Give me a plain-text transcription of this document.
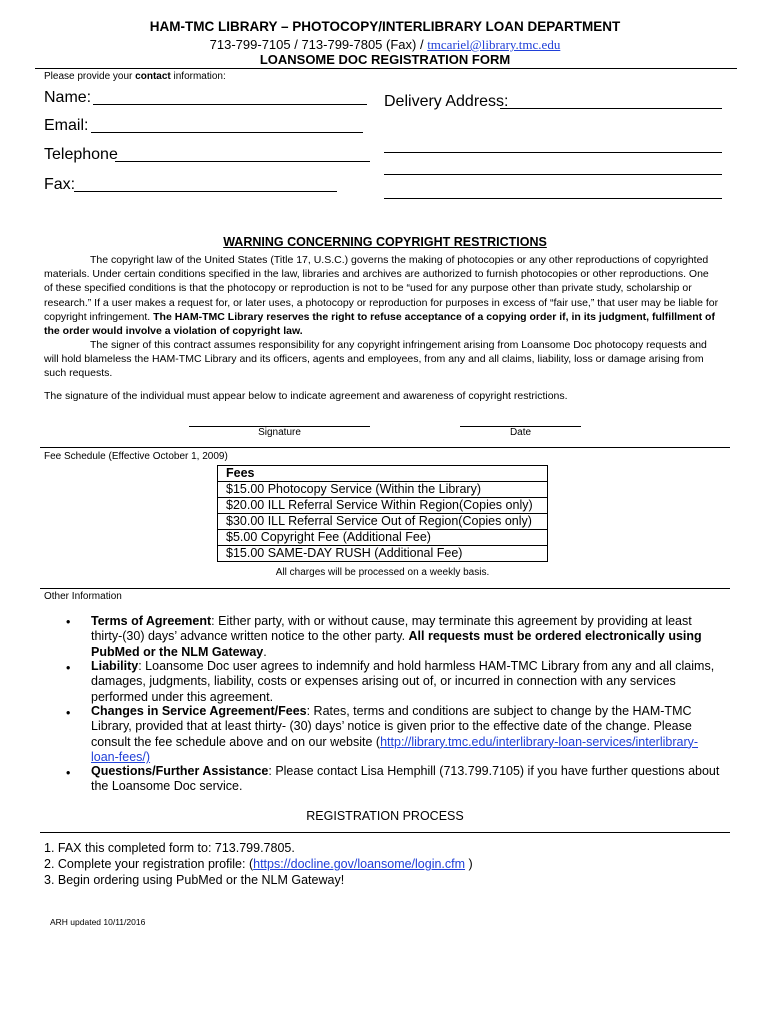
HAM-TMC LIBRARY – PHOTOCOPY/INTERLIBRARY LOAN DEPARTMENT
713-799-7105 / 713-799-7805 (Fax) / tmcariel@library.tmc.edu
LOANSOME DOC REGISTRATION FORM
Please provide your contact information:
Name:	Delivery Address:
Email:
Telephone
Fax:
WARNING CONCERNING COPYRIGHT RESTRICTIONS
The copyright law of the United States (Title 17, U.S.C.) governs the making of photocopies or any other reproductions of copyrighted materials. Under certain conditions specified in the law, libraries and archives are authorized to furnish photocopies or other reproductions. One of these specified conditions is that the photocopy or reproduction is not to be “used for any purpose other than private study, scholarship or research.” If a user makes a request for, or later uses, a photocopy or reproduction for purposes in excess of “fair use,” that user may be liable for copyright infringement. The HAM-TMC Library reserves the right to refuse acceptance of a copying order if, in its judgment, fulfillment of the order would involve a violation of copyright law.
The signer of this contract assumes responsibility for any copyright infringement arising from Loansome Doc photocopy requests and will hold blameless the HAM-TMC Library and its officers, agents and employees, from any and all claims, liability, loss or damage arising from such requests.
The signature of the individual must appear below to indicate agreement and awareness of copyright restrictions.
Signature	Date
Fee Schedule (Effective October 1, 2009)
Fees
$15.00 Photocopy Service (Within the Library)
$20.00 ILL Referral Service Within Region(Copies only)
$30.00 ILL Referral Service Out of Region(Copies only)
$5.00 Copyright Fee (Additional Fee)
$15.00 SAME-DAY RUSH (Additional Fee)
All charges will be processed on a weekly basis.
Other Information
• Terms of Agreement: Either party, with or without cause, may terminate this agreement by providing at least thirty-(30) days’ advance written notice to the other party. All requests must be ordered electronically using PubMed or the NLM Gateway.
• Liability: Loansome Doc user agrees to indemnify and hold harmless HAM-TMC Library from any and all claims, damages, judgments, liability, costs or expenses arising out of, or incurred in connection with any services performed under this agreement.
• Changes in Service Agreement/Fees: Rates, terms and conditions are subject to change by the HAM-TMC Library, provided that at least thirty- (30) days’ notice is given prior to the effective date of the change. Please consult the fee schedule above and on our website (http://library.tmc.edu/interlibrary-loan-services/interlibrary-loan-fees/)
• Questions/Further Assistance: Please contact Lisa Hemphill (713.799.7105) if you have further questions about the Loansome Doc service.
REGISTRATION PROCESS
1. FAX this completed form to: 713.799.7805.
2. Complete your registration profile: (https://docline.gov/loansome/login.cfm )
3. Begin ordering using PubMed or the NLM Gateway!
ARH updated 10/11/2016
